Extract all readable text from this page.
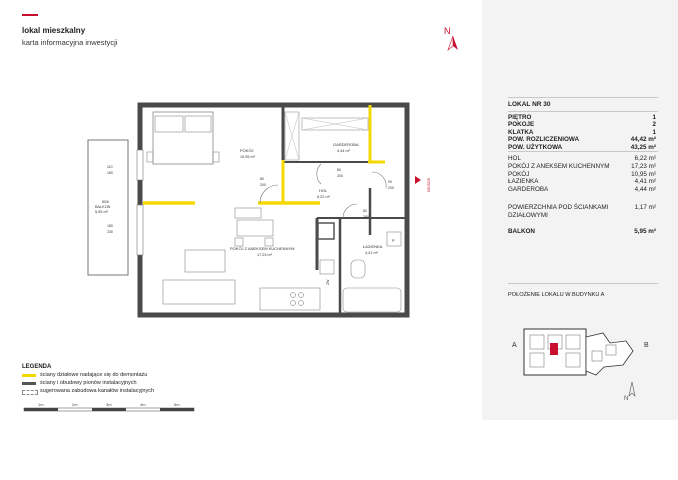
lokal mieszkalny
karta informacyjna inwestycji
N
BALKON
5,95 m²
80/6
110
160
180
230
GARDEROBA
4,44 m²
POKÓJ
10,95 m²
80
200
80
200
90
200
80
200
HOL
6,22 m²
WEJŚCIE
POKÓJ Z ANEKSEM KUCHENNYM
17,23 m²
ZW
ŁAZIENKA
4,41 m²
P
N
LOKAL NR 30
PIĘTRO	1
POKOJE	2
KLATKA	1
POW. ROZLICZENIOWA	44,42 m²
POW. UŻYTKOWA	43,25 m²
HOL	6,22 m²
POKÓJ Z ANEKSEM KUCHENNYM	17,23 m²
POKÓJ	10,95 m²
ŁAZIENKA	4,41 m²
GARDEROBA	4,44 m²
POWIERZCHNIA POD ŚCIANKAMI	1,17 m²
DZIAŁOWYMI
BALKON	5,95 m²
POŁOŻENIE LOKALU W BUDYNKU A
A	B
LEGENDA
ściany działowe nadające się do demontażu
ściany i obudowy pionów instalacyjnych
sugerowana zabudowa kanałów instalacyjnych
1m	2m	3m	4m	5m
